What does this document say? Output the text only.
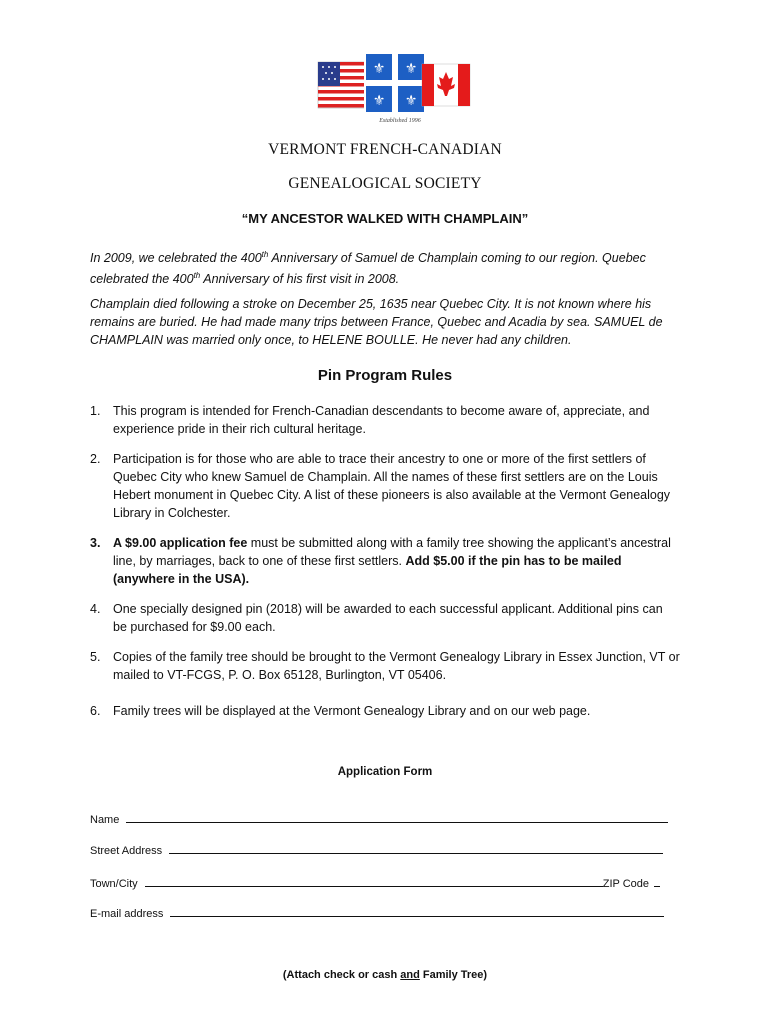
⚜ ⚜
⚜ ⚜
Established 1996
VERMONT FRENCH-CANADIAN
GENEALOGICAL SOCIETY
“MY ANCESTOR WALKED WITH CHAMPLAIN”
In 2009, we celebrated the 400th Anniversary of Samuel de Champlain coming to our region. Quebec celebrated the 400th Anniversary of his first visit in 2008.
Champlain died following a stroke on December 25, 1635 near Quebec City. It is not known where his remains are buried. He had made many trips between France, Quebec and Acadia by sea. SAMUEL de CHAMPLAIN was married only once, to HELENE BOULLE. He never had any children.
Pin Program Rules
1. This program is intended for French-Canadian descendants to become aware of, appreciate, and experience pride in their rich cultural heritage.
2. Participation is for those who are able to trace their ancestry to one or more of the first settlers of Quebec City who knew Samuel de Champlain. All the names of these first settlers are on the Louis Hebert monument in Quebec City. A list of these pioneers is also available at the Vermont Genealogy Library in Colchester.
3. A $9.00 application fee must be submitted along with a family tree showing the applicant’s ancestral line, by marriages, back to one of these first settlers. Add $5.00 if the pin has to be mailed (anywhere in the USA).
4. One specially designed pin (2018) will be awarded to each successful applicant. Additional pins can be purchased for $9.00 each.
5. Copies of the family tree should be brought to the Vermont Genealogy Library in Essex Junction, VT or mailed to VT-FCGS, P. O. Box 65128, Burlington, VT 05406.
6. Family trees will be displayed at the Vermont Genealogy Library and on our web page.
Application Form
Name
Street Address
Town/City	ZIP Code
E-mail address
(Attach check or cash and Family Tree)
